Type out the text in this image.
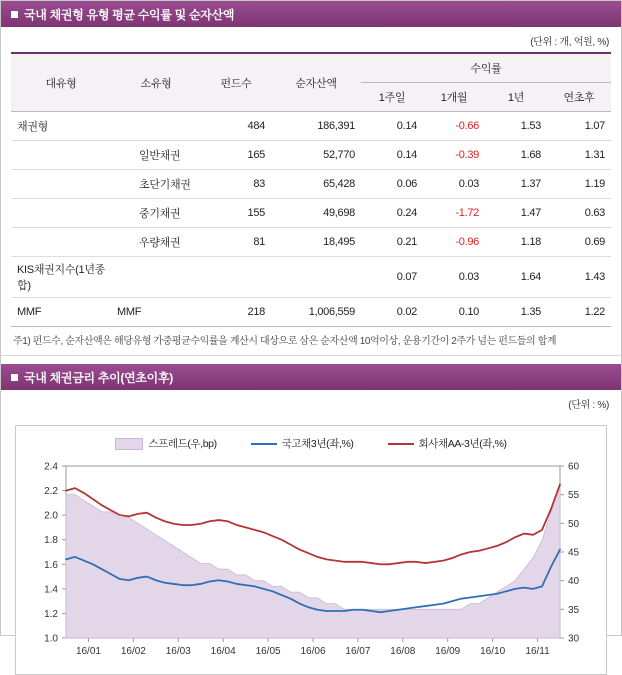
국내 채권형 유형 평균 수익률 및 순자산액
(단위 : 개, 억원, %)
대유형	소유형	펀드수	순자산액	수익률			
				1주일	1개월	1년	연초후
채권형		484	186,391	0.14	-0.66	1.53	1.07
	일반채권	165	52,770	0.14	-0.39	1.68	1.31
	초단기채권	83	65,428	0.06	0.03	1.37	1.19
	중기채권	155	49,698	0.24	-1.72	1.47	0.63
	우량채권	81	18,495	0.21	-0.96	1.18	0.69
KIS채권지수(1년종합)				0.07	0.03	1.64	1.43
MMF	MMF	218	1,006,559	0.02	0.10	1.35	1.22
주1) 펀드수, 순자산액은 해당유형 가중평균수익률을 계산시 대상으로 삼은 순자산액 10억이상, 운용기간이 2주가 넘는 펀드들의 합계
국내 채권금리 추이(연초이후)
(단위 : %)
스프레드(우,bp)	국고채3년(좌,%)	회사채AA-3년(좌,%)
1.0
1.2
1.4
1.6
1.8
2.0
2.2
2.4
30
35
40
45
50
55
60
16/01 16/02 16/03 16/04 16/05 16/06 16/07 16/08 16/09 16/10 16/11
